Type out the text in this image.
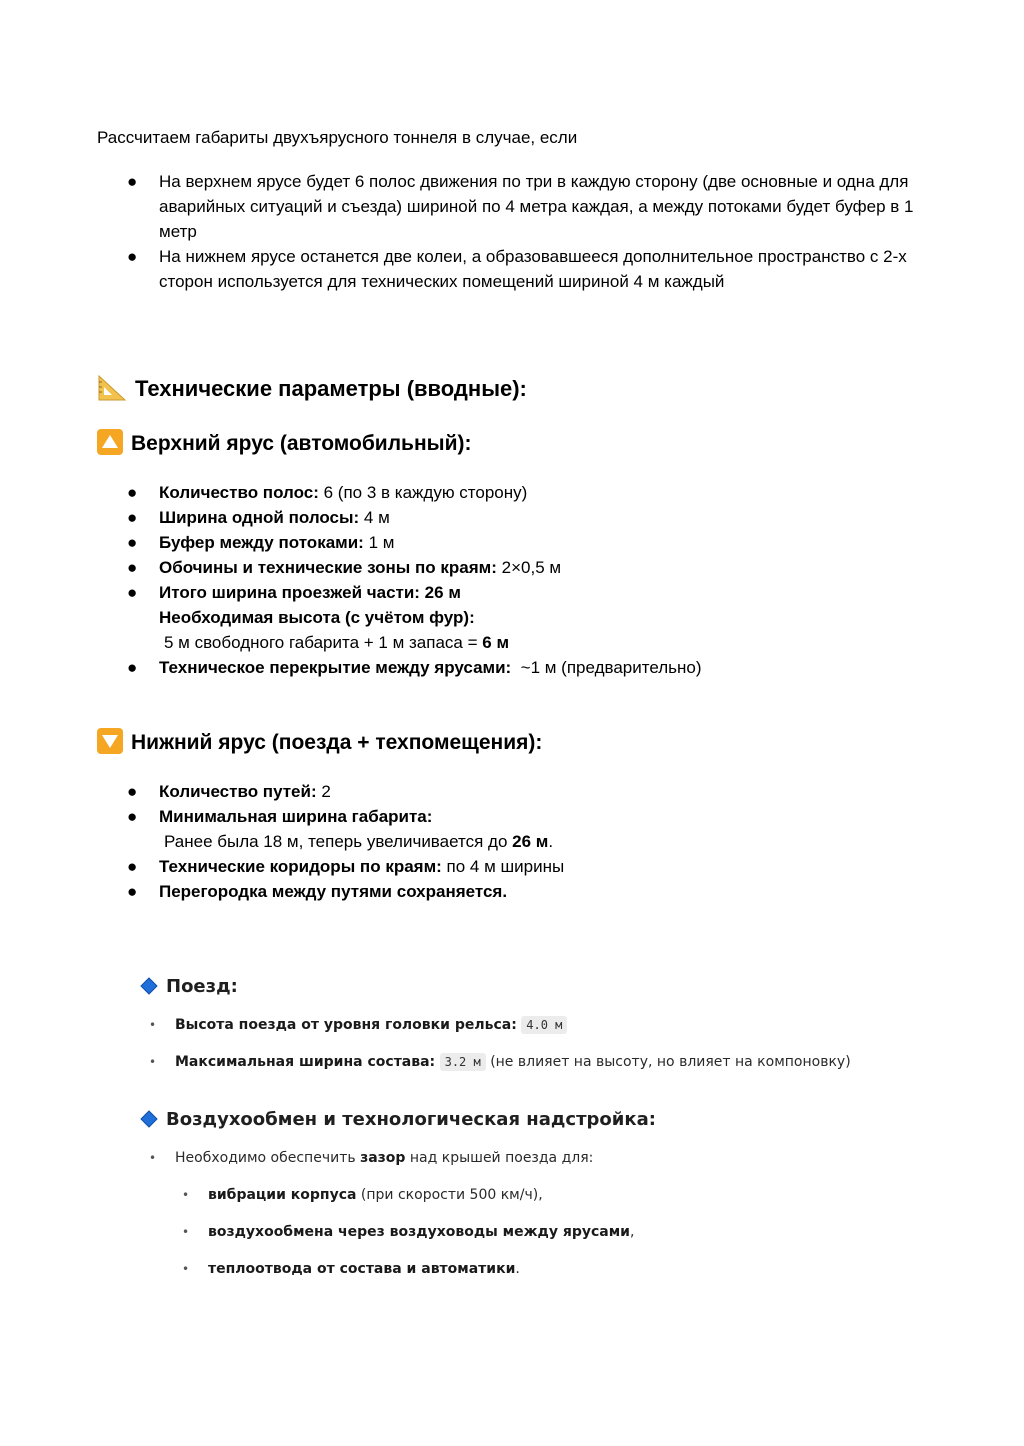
Рассчитаем габариты двухъярусного тоннеля в случае, если
● На верхнем ярусе будет 6 полос движения по три в каждую сторону (две основные и одна для аварийных ситуаций и съезда) шириной по 4 метра каждая, а между потоками будет буфер в 1 метр
● На нижнем ярусе останется две колеи, а образовавшееся дополнительное пространство с 2-х сторон используется для технических помещений шириной 4 м каждый
Технические параметры (вводные):
Верхний ярус (автомобильный):
● Количество полос: 6 (по 3 в каждую сторону)
● Ширина одной полосы: 4 м
● Буфер между потоками: 1 м
● Обочины и технические зоны по краям: 2×0,5 м
● Итого ширина проезжей части: 26 м
Необходимая высота (с учётом фур):

5 м свободного габарита + 1 м запаса = 6 м
● Техническое перекрытие между ярусами:  ~1 м (предварительно)
Нижний ярус (поезда + техпомещения):
● Количество путей: 2
● Минимальная ширина габарита:

Ранее была 18 м, теперь увеличивается до 26 м.
● Технические коридоры по краям: по 4 м ширины
● Перегородка между путями сохраняется.
Поезд:
• Высота поезда от уровня головки рельса: 4.0 м
• Максимальная ширина состава: 3.2 м (не влияет на высоту, но влияет на компоновку)
Воздухообмен и технологическая надстройка:
• Необходимо обеспечить зазор над крышей поезда для:
• вибрации корпуса (при скорости 500 км/ч),
• воздухообмена через воздуховоды между ярусами,
• теплоотвода от состава и автоматики.
